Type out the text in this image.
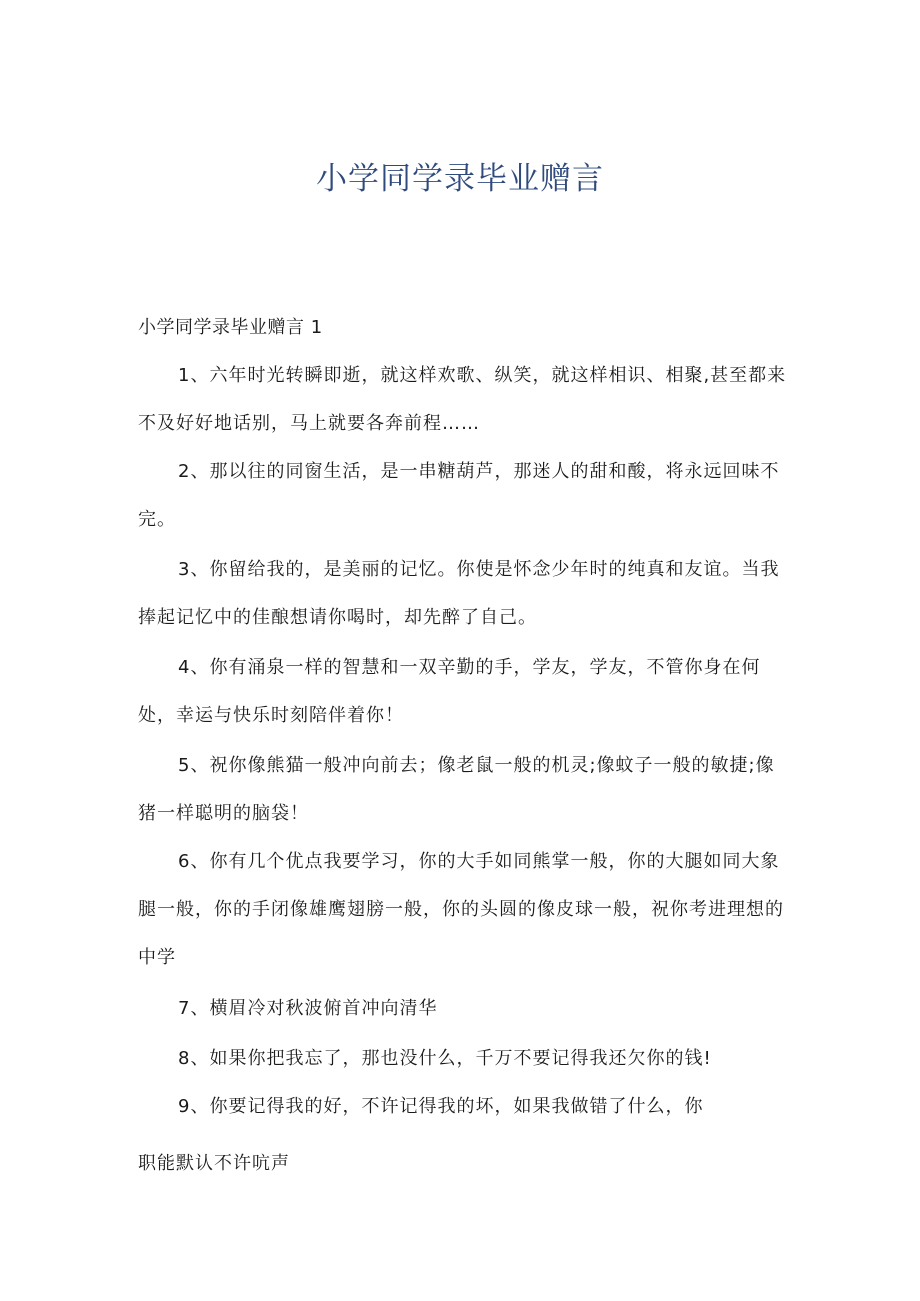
小学同学录毕业赠言
小学同学录毕业赠言 1
1、六年时光转瞬即逝，就这样欢歌、纵笑，就这样相识、相聚,甚至都来不及好好地话别，马上就要各奔前程……
2、那以往的同窗生活，是一串糖葫芦，那迷人的甜和酸，将永远回味不完。
3、你留给我的，是美丽的记忆。你使是怀念少年时的纯真和友谊。当我捧起记忆中的佳酿想请你喝时，却先醉了自己。
4、你有涌泉一样的智慧和一双辛勤的手，学友，学友，不管你身在何处，幸运与快乐时刻陪伴着你！
5、祝你像熊猫一般冲向前去；像老鼠一般的机灵;像蚊子一般的敏捷;像猪一样聪明的脑袋！
6、你有几个优点我要学习，你的大手如同熊掌一般，你的大腿如同大象腿一般，你的手闭像雄鹰翅膀一般，你的头圆的像皮球一般，祝你考进理想的中学
7、横眉冷对秋波俯首冲向清华
8、如果你把我忘了，那也没什么，千万不要记得我还欠你的钱!
9、你要记得我的好，不许记得我的坏，如果我做错了什么，你
职能默认不许吭声
